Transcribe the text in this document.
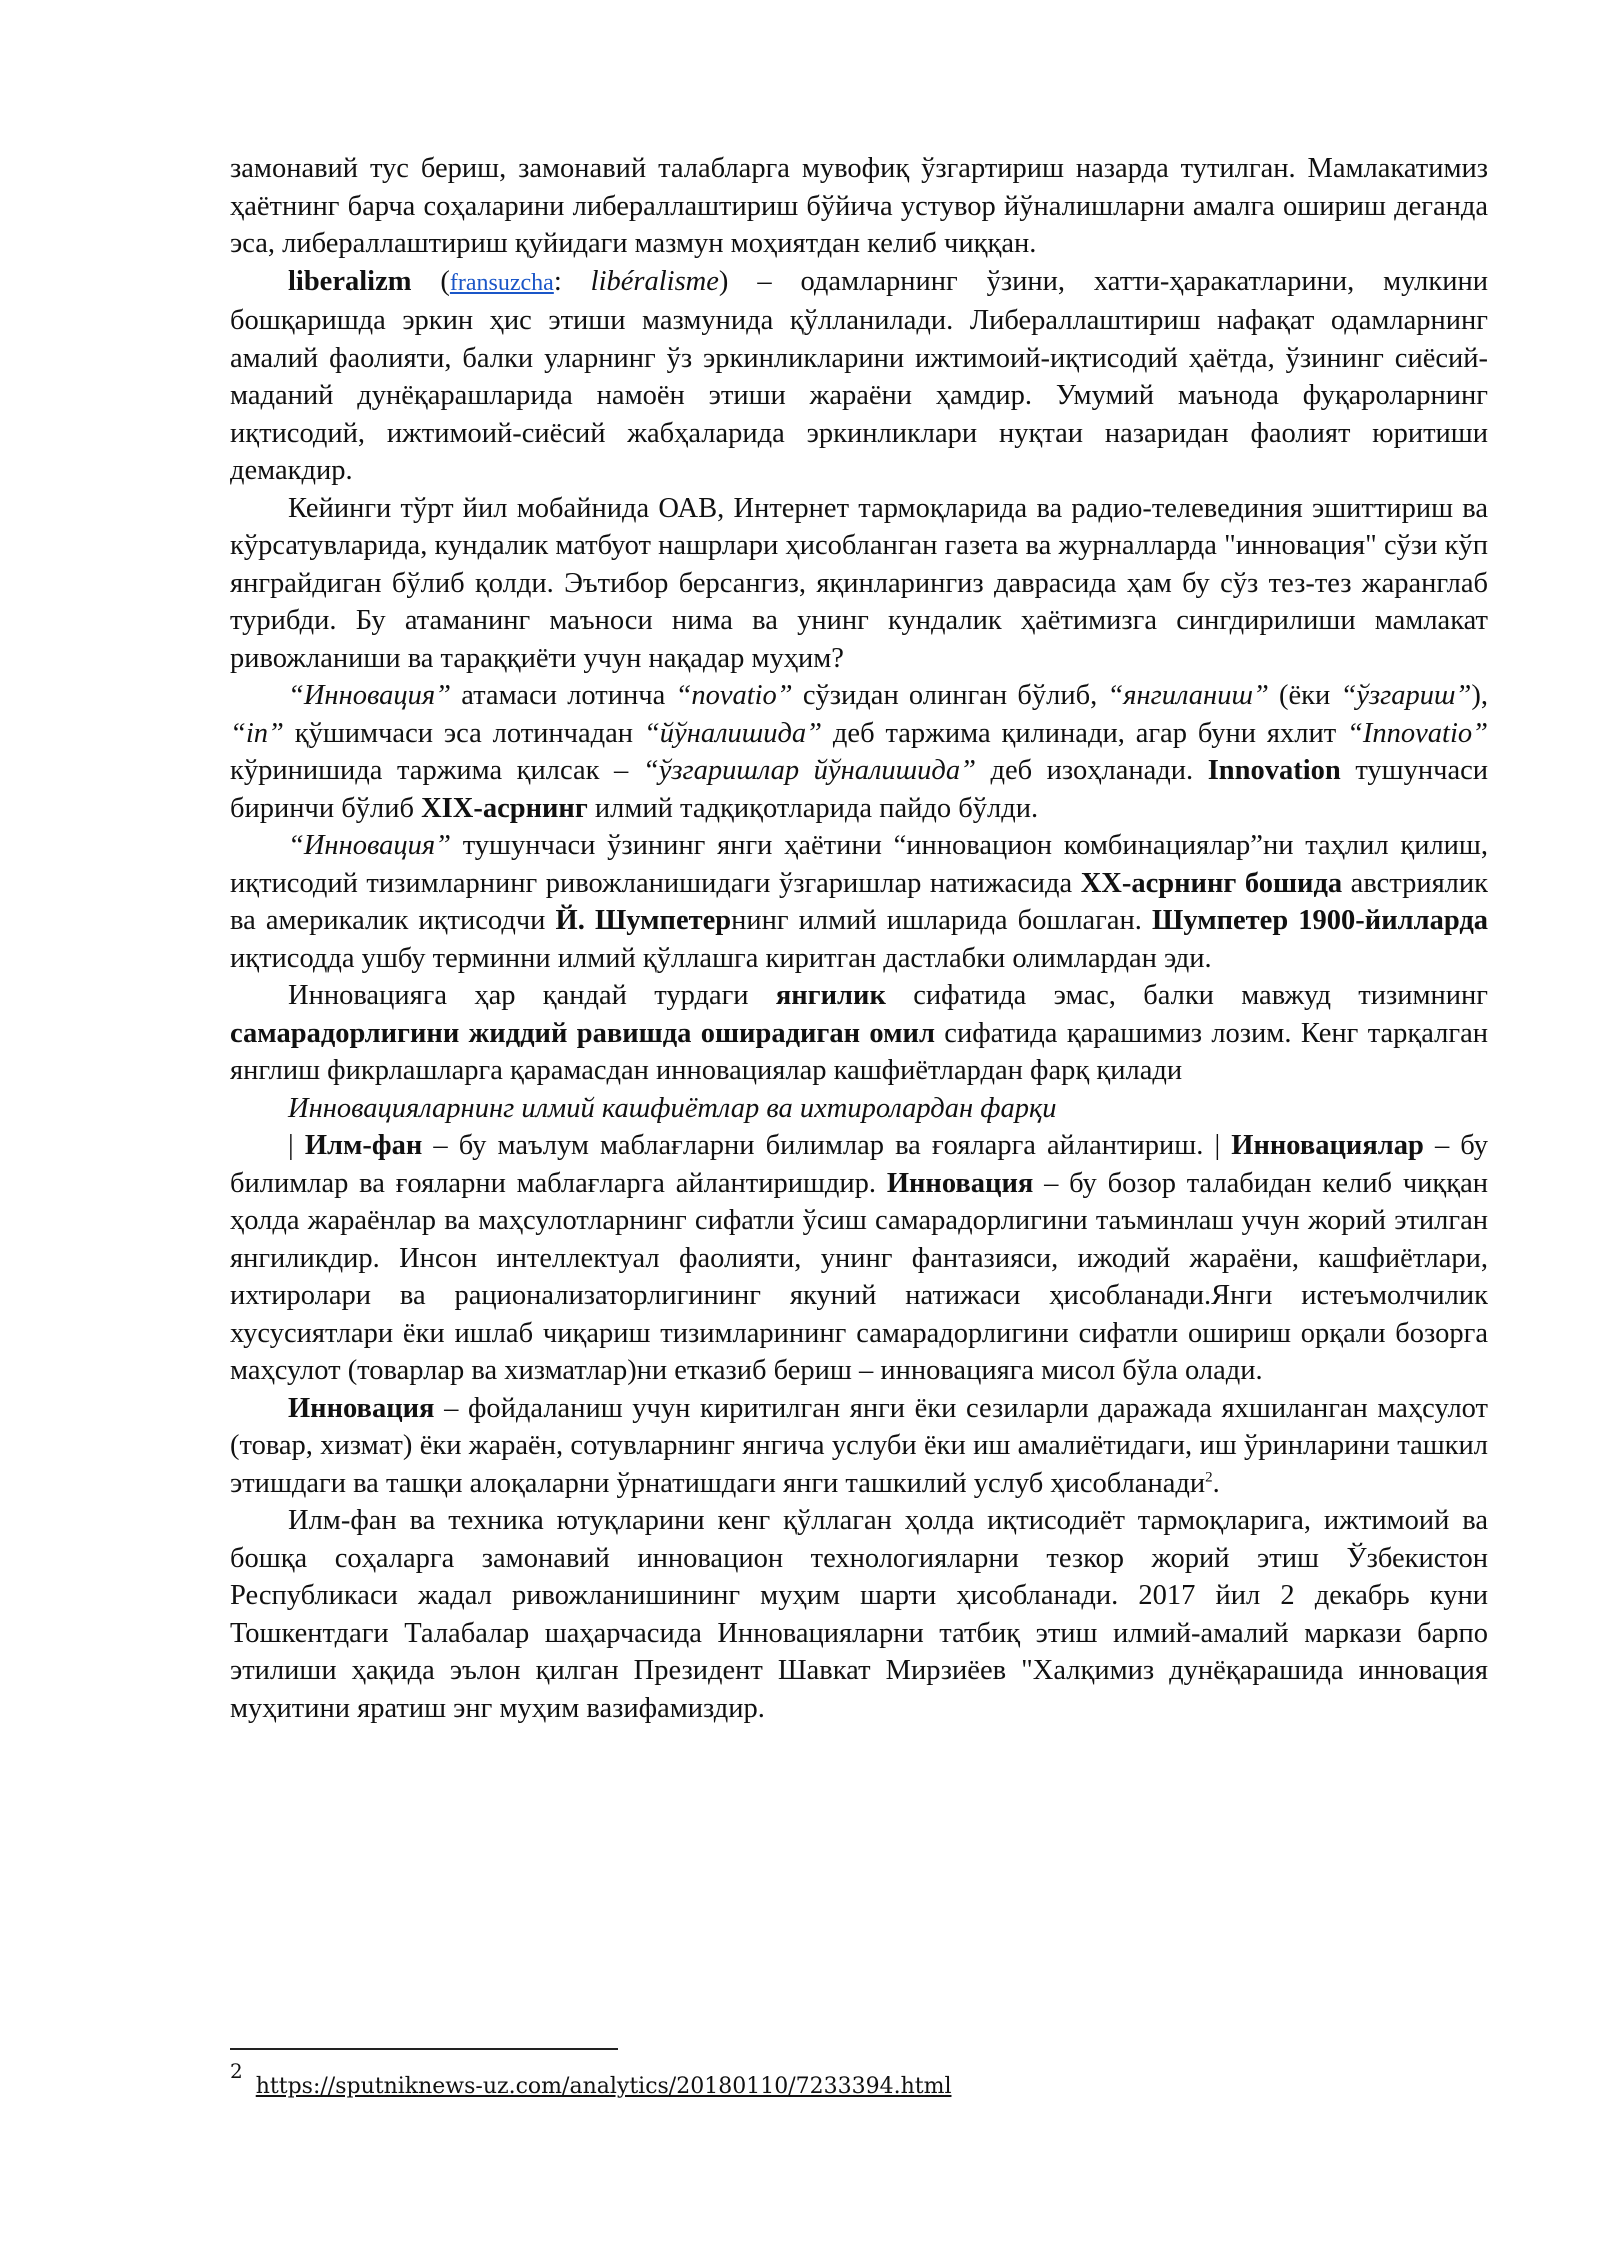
замонавий тус бериш, замонавий талабларга мувофиқ ўзгартириш назарда тутилган. Мамлакатимиз ҳаётнинг барча соҳаларини либераллаштириш бўйича устувор йўналишларни амалга ошириш деганда эса, либераллаштириш қуйидаги мазмун моҳиятдан келиб чиққан.

liberalizm (fransuzcha: libéralisme) – одамларнинг ўзини, хатти-ҳаракатларини, мулкини бошқаришда эркин ҳис этиши мазмунида қўлланилади. Либераллаштириш нафақат одамларнинг амалий фаолияти, балки уларнинг ўз эркинликларини ижтимоий-иқтисодий ҳаётда, ўзининг сиёсий-маданий дунёқарашларида намоён этиши жараёни ҳамдир. Умумий маънода фуқароларнинг иқтисодий, ижтимоий-сиёсий жабҳаларида эркинликлари нуқтаи назаридан фаолият юритиши демакдир.

Кейинги тўрт йил мобайнида ОАВ, Интернет тармоқларида ва радио-телевединия эшиттириш ва кўрсатувларида, кундалик матбуот нашрлари ҳисобланган газета ва журналларда "инновация" сўзи кўп янграйдиган бўлиб қолди. Эътибор берсангиз, яқинларингиз даврасида ҳам бу сўз тез-тез жаранглаб турибди. Бу атаманинг маъноси нима ва унинг кундалик ҳаётимизга сингдирилиши мамлакат ривожланиши ва тараққиёти учун нақадар муҳим?

“Инновация” атамаси лотинча “novatio” сўзидан олинган бўлиб, “янгиланиш” (ёки “ўзгариш”), “in” қўшимчаси эса лотинчадан “йўналишида” деб таржима қилинади, агар буни яхлит “Innovatio” кўринишида таржима қилсак – “ўзгаришлар йўналишида” деб изоҳланади. Innovation тушунчаси биринчи бўлиб XIX-асрнинг илмий тадқиқотларида пайдо бўлди.

“Инновация” тушунчаси ўзининг янги ҳаётини “инновацион комбинациялар”ни таҳлил қилиш, иқтисодий тизимларнинг ривожланишидаги ўзгаришлар натижасида XX-асрнинг бошида австриялик ва америкалик иқтисодчи Й. Шумпетернинг илмий ишларида бошлаган. Шумпетер 1900-йилларда иқтисодда ушбу терминни илмий қўллашга киритган дастлабки олимлардан эди.

Инновацияга ҳар қандай турдаги янгилик сифатида эмас, балки мавжуд тизимнинг самарадорлигини жиддий равишда оширадиган омил сифатида қарашимиз лозим. Кенг тарқалган янглиш фикрлашларга қарамасдан инновациялар кашфиётлардан фарқ қилади

Инновацияларнинг илмий кашфиётлар ва ихтиролардан фарқи

| Илм-фан – бу маълум маблағларни билимлар ва ғояларга айлантириш. | Инновациялар – бу билимлар ва ғояларни маблағларга айлантиришдир. Инновация – бу бозор талабидан келиб чиққан ҳолда жараёнлар ва маҳсулотларнинг сифатли ўсиш самарадорлигини таъминлаш учун жорий этилган янгиликдир. Инсон интеллектуал фаолияти, унинг фантазияси, ижодий жараёни, кашфиётлари, ихтиролари ва рационализаторлигининг якуний натижаси ҳисобланади.Янги истеъмолчилик хусусиятлари ёки ишлаб чиқариш тизимларининг самарадорлигини сифатли ошириш орқали бозорга маҳсулот (товарлар ва хизматлар)ни етказиб бериш – инновацияга мисол бўла олади.

Инновация – фойдаланиш учун киритилган янги ёки сезиларли даражада яхшиланган маҳсулот (товар, хизмат) ёки жараён, сотувларнинг янгича услуби ёки иш амалиётидаги, иш ўринларини ташкил этишдаги ва ташқи алоқаларни ўрнатишдаги янги ташкилий услуб ҳисобланади$^2$.

Илм-фан ва техника ютуқларини кенг қўллаган ҳолда иқтисодиёт тармоқларига, ижтимоий ва бошқа соҳаларга замонавий инновацион технологияларни тезкор жорий этиш Ўзбекистон Республикаси жадал ривожланишининг муҳим шарти ҳисобланади. 2017 йил 2 декабрь куни Тошкентдаги Талабалар шаҳарчасида Инновацияларни татбиқ этиш илмий-амалий маркази барпо этилиши ҳақида эълон қилган Президент Шавкат Мирзиёев "Халқимиз дунёқарашида инновация муҳитини яратиш энг муҳим вазифамиздир.

2 https://sputniknews-uz.com/analytics/20180110/7233394.html
